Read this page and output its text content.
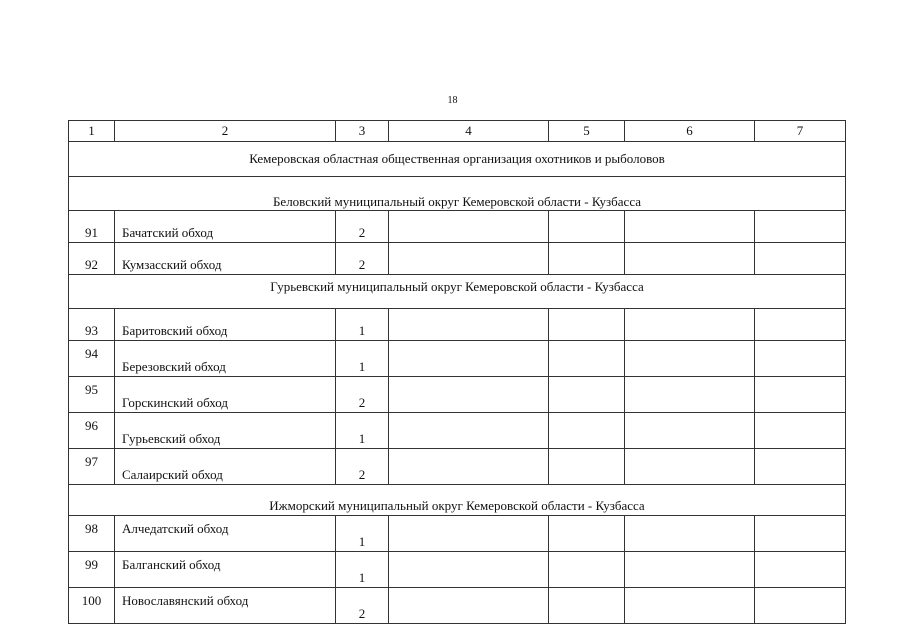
18
1	2	3	4	5	6	7
Кемеровская областная общественная организация охотников и рыболовов						
Беловский муниципальный округ Кемеровской области - Кузбасса						
91	Бачатский обход	2				
92	Кумзасский обход	2				
Гурьевский муниципальный округ Кемеровской области - Кузбасса						
93	Баритовский обход	1				
94	Березовский обход	1				
95	Горскинский обход	2				
96	Гурьевский обход	1				
97	Салаирский обход	2				
Ижморский муниципальный округ Кемеровской области - Кузбасса						
98	Алчедатский обход	1				
99	Балганский обход	1				
100	Новославянский обход	2				
